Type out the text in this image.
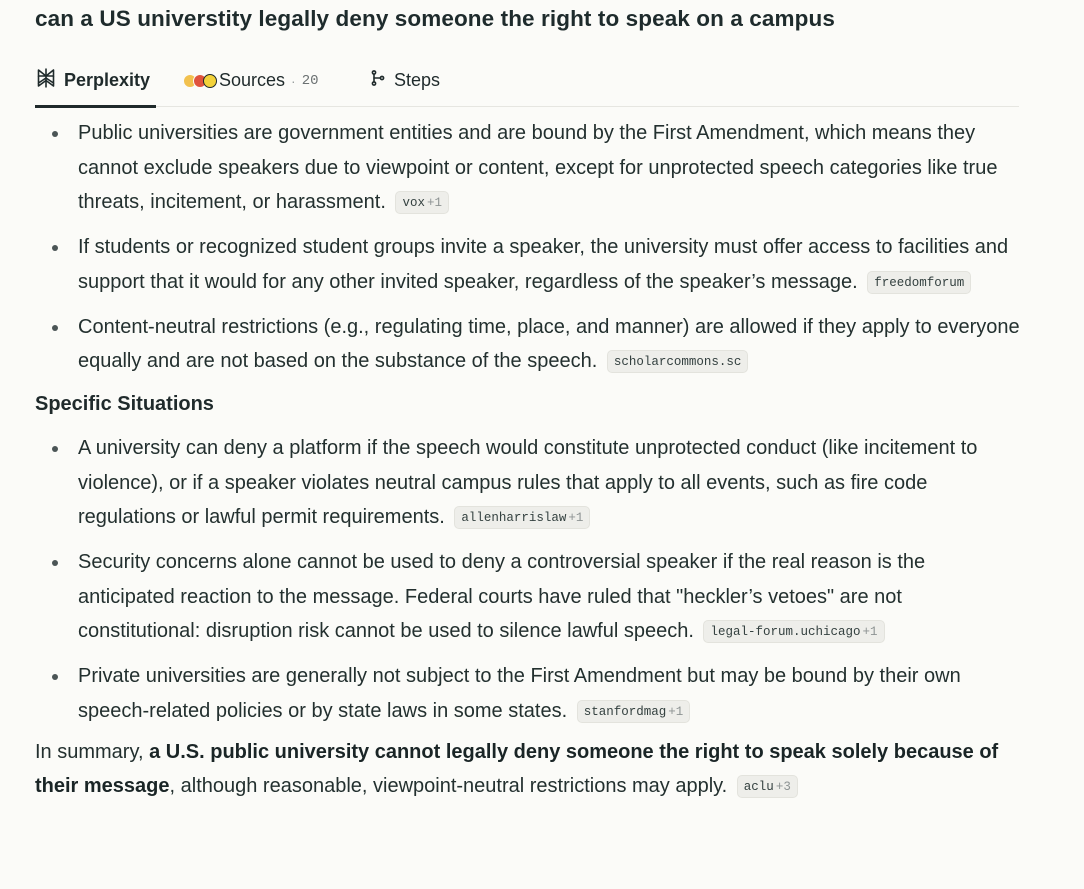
can a US universtity legally deny someone the right to speak on a campus
Perplexity	Sources · 20	Steps
Public universities are government entities and are bound by the First Amendment, which means they cannot exclude speakers due to viewpoint or content, except for unprotected speech categories like true threats, incitement, or harassment. vox +1
If students or recognized student groups invite a speaker, the university must offer access to facilities and support that it would for any other invited speaker, regardless of the speaker’s message. freedomforum
Content-neutral restrictions (e.g., regulating time, place, and manner) are allowed if they apply to everyone equally and are not based on the substance of the speech. scholarcommons.sc
Specific Situations
A university can deny a platform if the speech would constitute unprotected conduct (like incitement to violence), or if a speaker violates neutral campus rules that apply to all events, such as fire code regulations or lawful permit requirements. allenharrislaw +1
Security concerns alone cannot be used to deny a controversial speaker if the real reason is the anticipated reaction to the message. Federal courts have ruled that "heckler’s vetoes" are not constitutional: disruption risk cannot be used to silence lawful speech. legal-forum.uchicago +1
Private universities are generally not subject to the First Amendment but may be bound by their own speech-related policies or by state laws in some states. stanfordmag +1

In summary, a U.S. public university cannot legally deny someone the right to speak solely because of their message, although reasonable, viewpoint-neutral restrictions may apply. aclu +3
